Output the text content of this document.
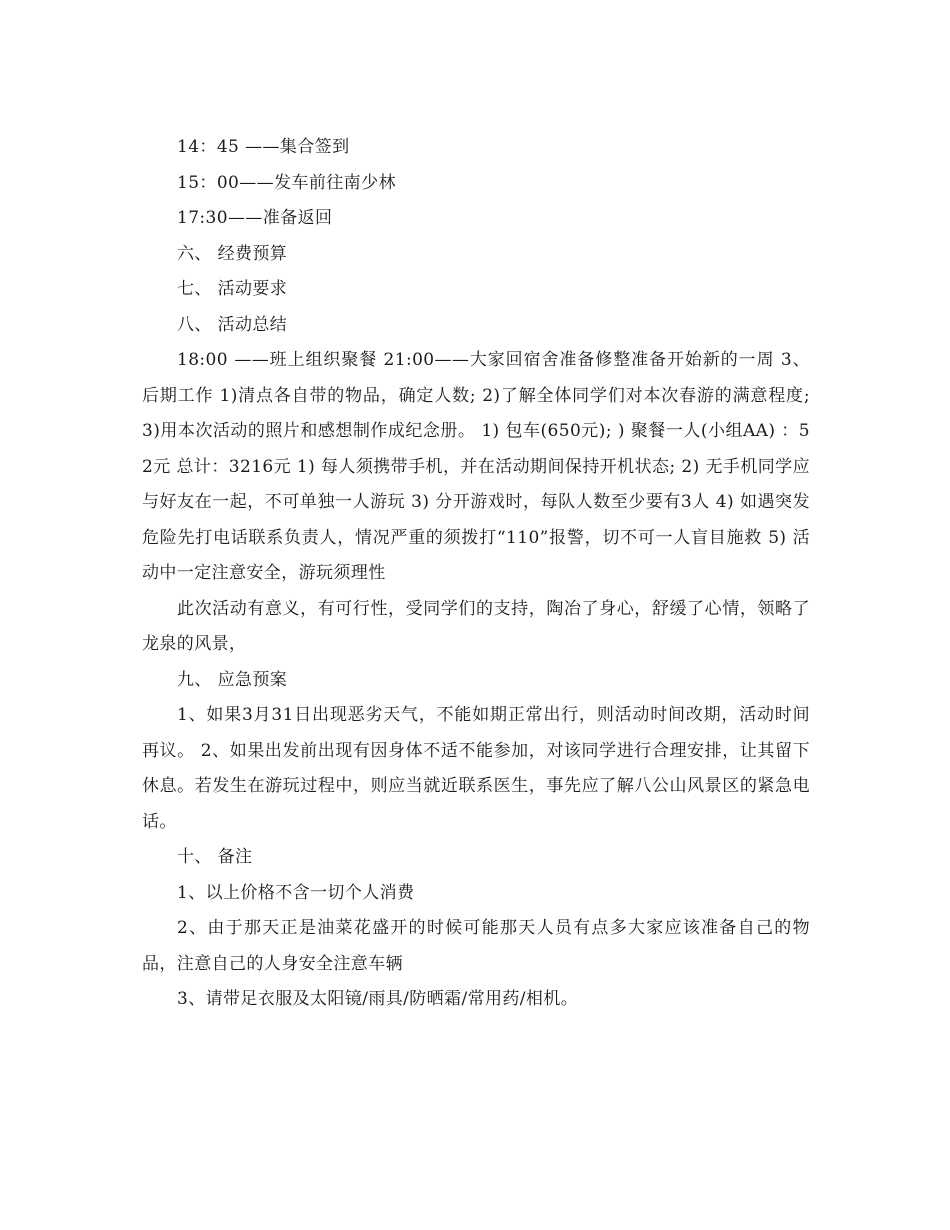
14：45 ——集合签到

15：00——发车前往南少林

17:30——准备返回

六、 经费预算

七、 活动要求

八、 活动总结

18:00 ——班上组织聚餐 21:00——大家回宿舍准备修整准备开始新的一周 3、后期工作 1)清点各自带的物品，确定人数; 2)了解全体同学们对本次春游的满意程度; 3)用本次活动的照片和感想制作成纪念册。 1) 包车(650元); ) 聚餐一人(小组AA) ：52元 总计：3216元 1) 每人须携带手机，并在活动期间保持开机状态; 2) 无手机同学应与好友在一起，不可单独一人游玩 3) 分开游戏时，每队人数至少要有3人 4) 如遇突发危险先打电话联系负责人，情况严重的须拨打“110”报警，切不可一人盲目施救 5) 活动中一定注意安全，游玩须理性

此次活动有意义，有可行性，受同学们的支持，陶冶了身心，舒缓了心情，领略了龙泉的风景，

九、 应急预案

1、如果3月31日出现恶劣天气，不能如期正常出行，则活动时间改期，活动时间再议。 2、如果出发前出现有因身体不适不能参加，对该同学进行合理安排，让其留下休息。若发生在游玩过程中，则应当就近联系医生，事先应了解八公山风景区的紧急电话。

十、 备注

1、以上价格不含一切个人消费

2、由于那天正是油菜花盛开的时候可能那天人员有点多大家应该准备自己的物品，注意自己的人身安全注意车辆

3、请带足衣服及太阳镜/雨具/防晒霜/常用药/相机。
